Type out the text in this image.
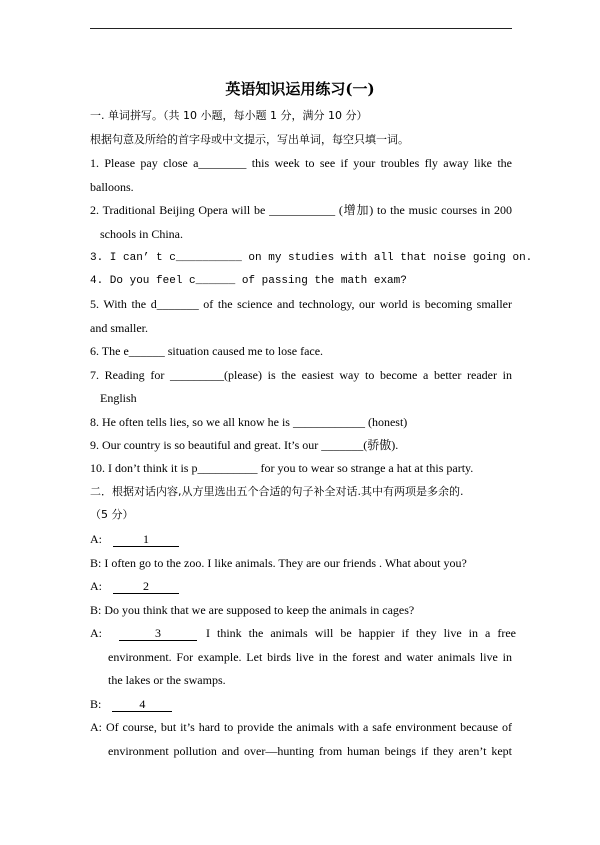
英语知识运用练习(一)
一. 单词拼写。（共 10 小题，每小题 1 分，满分 10 分）
根据句意及所给的首字母或中文提示，写出单词，每空只填一词。
1. Please pay close a________ this week to see if your troubles fly away like the
balloons.
2. Traditional Beijing Opera will be ___________ (增加) to the music courses in 200
schools in China.
3. I can’ t c__________ on my studies with all that noise going on.
4. Do you feel c______ of passing the math exam?
5. With the d_______ of the science and technology, our world is becoming smaller
and smaller.
6. The e______ situation caused me to lose face.
7. Reading for _________(please) is the easiest way to become a better reader in
English
8. He often tells lies, so we all know he is ____________ (honest)
9. Our country is so beautiful and great. It’s our _______(骄傲).
10. I don’t think it is p__________ for you to wear so strange a hat at this party.
二．根据对话内容,从方里选出五个合适的句子补全对话.其中有两项是多余的.
（5 分）
A:	1
B: I often go to the zoo. I like animals. They are our friends . What about you?
A:	2
B: Do you think that we are supposed to keep the animals in cages?
A:	3	I think the animals will be happier if they live in a free
environment. For example. Let birds live in the forest and water animals live in
the lakes or the swamps.
B:	4
A: Of course, but it’s hard to provide the animals with a safe environment because of
environment pollution and over—hunting from human beings if they aren’t kept
